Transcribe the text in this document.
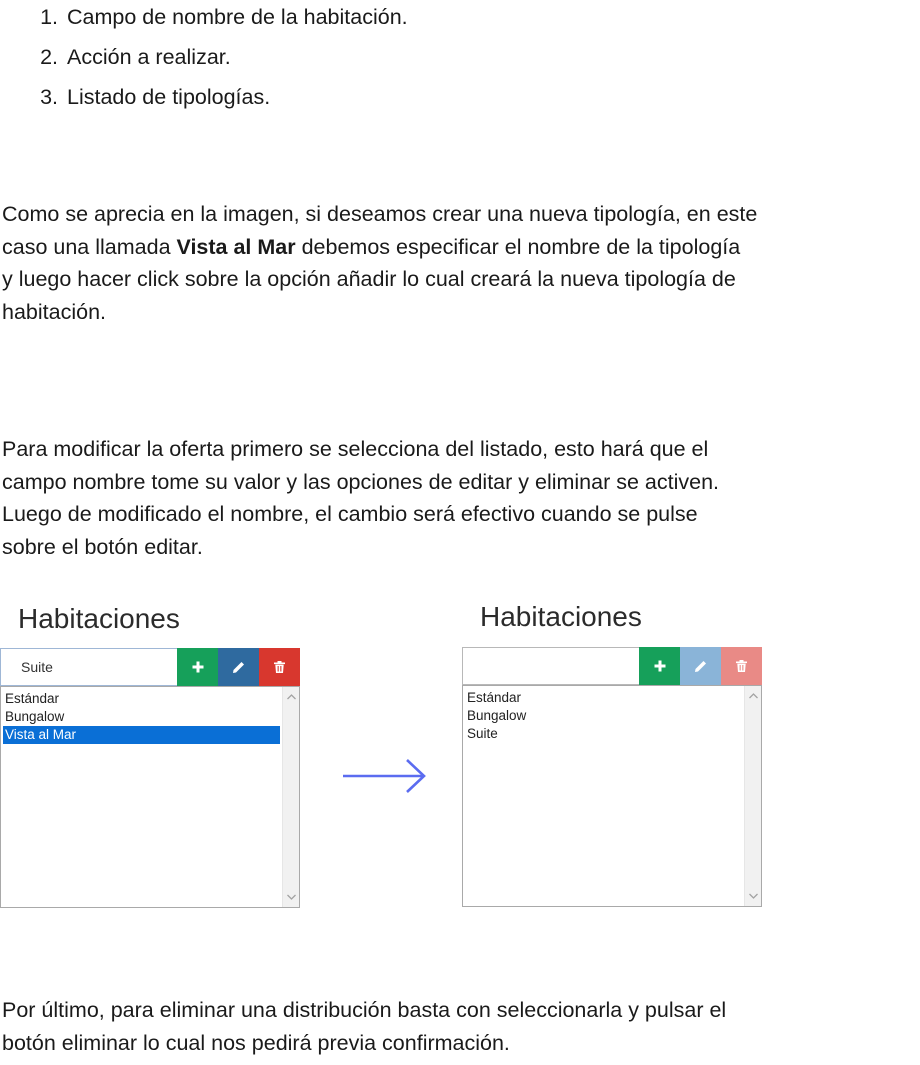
1. Campo de nombre de la habitación.
2. Acción a realizar.
3. Listado de tipologías.

Como se aprecia en la imagen, si deseamos crear una nueva tipología, en este
caso una llamada Vista al Mar debemos especificar el nombre de la tipología
y luego hacer click sobre la opción añadir lo cual creará la nueva tipología de
habitación.

Para modificar la oferta primero se selecciona del listado, esto hará que el
campo nombre tome su valor y las opciones de editar y eliminar se activen.
Luego de modificado el nombre, el cambio será efectivo cuando se pulse
sobre el botón editar.

Habitaciones
Suite
Estándar
Bungalow
Vista al Mar
Habitaciones
Estándar
Bungalow
Suite

Por último, para eliminar una distribución basta con seleccionarla y pulsar el
botón eliminar lo cual nos pedirá previa confirmación.
